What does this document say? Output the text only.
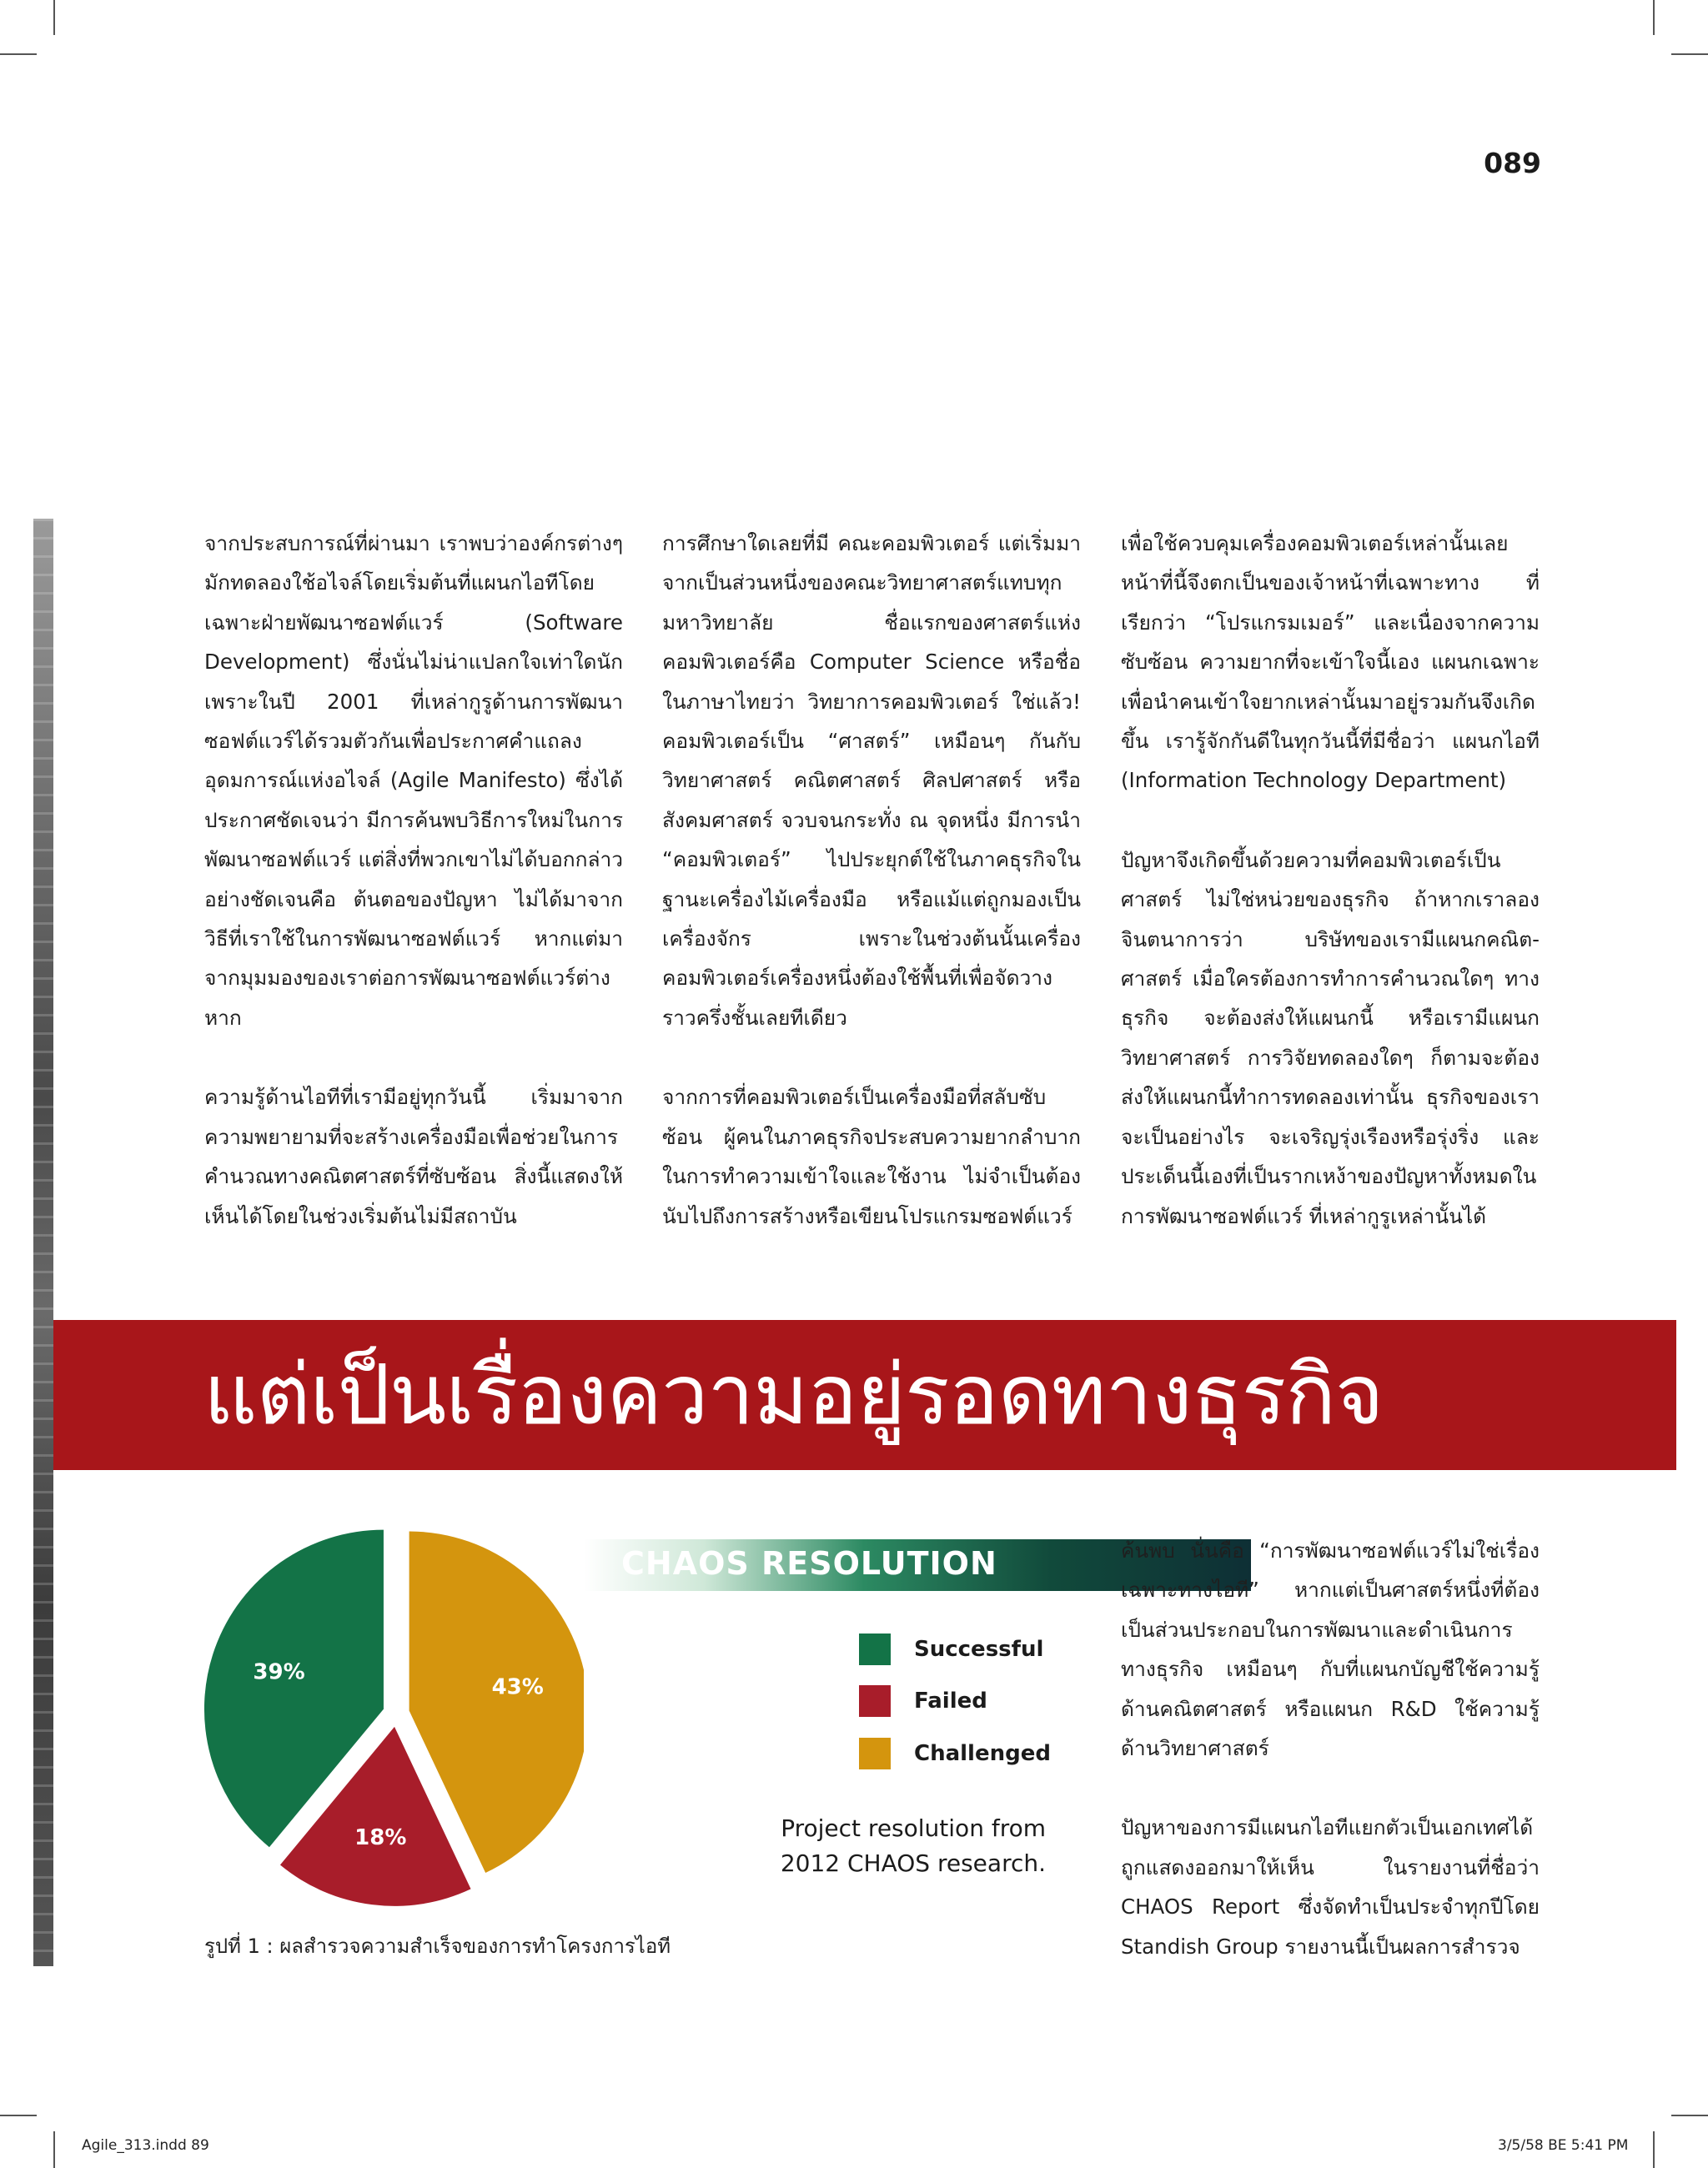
089

จากประสบการณ์ที่ผ่านมา เราพบว่าองค์กรต่างๆ มักทดลองใช้อไจล์โดยเริ่มต้นที่แผนกไอทีโดยเฉพาะฝ่ายพัฒนาซอฟต์แวร์ (Software Development) ซึ่งนั่นไม่น่าแปลกใจเท่าใดนัก เพราะในปี 2001 ที่เหล่ากูรูด้านการพัฒนาซอฟต์แวร์ได้รวมตัวกันเพื่อประกาศคำแถลงอุดมการณ์แห่งอไจล์ (Agile Manifesto) ซึ่งได้ประกาศชัดเจนว่า มีการค้นพบวิธีการใหม่ในการพัฒนาซอฟต์แวร์ แต่สิ่งที่พวกเขาไม่ได้บอกกล่าวอย่างชัดเจนคือ ต้นตอของปัญหา ไม่ได้มาจากวิธีที่เราใช้ในการพัฒนาซอฟต์แวร์ หากแต่มาจากมุมมองของเราต่อการพัฒนาซอฟต์แวร์ต่างหาก

ความรู้ด้านไอทีที่เรามีอยู่ทุกวันนี้ เริ่มมาจากความพยายามที่จะสร้างเครื่องมือเพื่อช่วยในการคำนวณทางคณิตศาสตร์ที่ซับซ้อน สิ่งนี้แสดงให้เห็นได้โดยในช่วงเริ่มต้นไม่มีสถาบัน

การศึกษาใดเลยที่มี คณะคอมพิวเตอร์ แต่เริ่มมาจากเป็นส่วนหนึ่งของคณะวิทยาศาสตร์แทบทุกมหาวิทยาลัย ชื่อแรกของศาสตร์แห่งคอมพิวเตอร์คือ Computer Science หรือชื่อในภาษาไทยว่า วิทยาการคอมพิวเตอร์ ใช่แล้ว! คอมพิวเตอร์เป็น “ศาสตร์” เหมือนๆ กันกับวิทยาศาสตร์ คณิตศาสตร์ ศิลปศาสตร์ หรือสังคมศาสตร์ จวบจนกระทั่ง ณ จุดหนึ่ง มีการนำ “คอมพิวเตอร์” ไปประยุกต์ใช้ในภาคธุรกิจในฐานะเครื่องไม้เครื่องมือ หรือแม้แต่ถูกมองเป็นเครื่องจักร เพราะในช่วงต้นนั้นเครื่องคอมพิวเตอร์เครื่องหนึ่งต้องใช้พื้นที่เพื่อจัดวางราวครึ่งชั้นเลยทีเดียว

จากการที่คอมพิวเตอร์เป็นเครื่องมือที่สลับซับซ้อน ผู้คนในภาคธุรกิจประสบความยากลำบากในการทำความเข้าใจและใช้งาน ไม่จำเป็นต้องนับไปถึงการสร้างหรือเขียนโปรแกรมซอฟต์แวร์

เพื่อใช้ควบคุมเครื่องคอมพิวเตอร์เหล่านั้นเลย หน้าที่นี้จึงตกเป็นของเจ้าหน้าที่เฉพาะทาง ที่เรียกว่า “โปรแกรมเมอร์” และเนื่องจากความซับซ้อน ความยากที่จะเข้าใจนี้เอง แผนกเฉพาะเพื่อนำคนเข้าใจยากเหล่านั้นมาอยู่รวมกันจึงเกิดขึ้น เรารู้จักกันดีในทุกวันนี้ที่มีชื่อว่า แผนกไอที (Information Technology Department)

ปัญหาจึงเกิดขึ้นด้วยความที่คอมพิวเตอร์เป็นศาสตร์ ไม่ใช่หน่วยของธุรกิจ ถ้าหากเราลองจินตนาการว่า บริษัทของเรามีแผนกคณิต-ศาสตร์ เมื่อใครต้องการทำการคำนวณใดๆ ทางธุรกิจ จะต้องส่งให้แผนกนี้ หรือเรามีแผนกวิทยาศาสตร์ การวิจัยทดลองใดๆ ก็ตามจะต้องส่งให้แผนกนี้ทำการทดลองเท่านั้น ธุรกิจของเราจะเป็นอย่างไร จะเจริญรุ่งเรืองหรือรุ่งริ่ง และประเด็นนี้เองที่เป็นรากเหง้าของปัญหาทั้งหมดในการพัฒนาซอฟต์แวร์ ที่เหล่ากูรูเหล่านั้นได้

แต่เป็นเรื่องความอยู่รอดทางธุรกิจ
CHAOS RESOLUTION
43%
18%
39%
Successful
Failed
Challenged
Project resolution from
2012 CHAOS research.
รูปที่ 1 : ผลสำรวจความสำเร็จของการทำโครงการไอที

ค้นพบ นั่นคือ “การพัฒนาซอฟต์แวร์ไม่ใช่เรื่องเฉพาะทางไอที” หากแต่เป็นศาสตร์หนึ่งที่ต้องเป็นส่วนประกอบในการพัฒนาและดำเนินการทางธุรกิจ เหมือนๆ กับที่แผนกบัญชีใช้ความรู้ด้านคณิตศาสตร์ หรือแผนก R&D ใช้ความรู้ด้านวิทยาศาสตร์

ปัญหาของการมีแผนกไอทีแยกตัวเป็นเอกเทศได้ถูกแสดงออกมาให้เห็น ในรายงานที่ชื่อว่า CHAOS Report ซึ่งจัดทำเป็นประจำทุกปีโดย Standish Group รายงานนี้เป็นผลการสำรวจ

Agile_313.indd 89	3/5/58 BE 5:41 PM
